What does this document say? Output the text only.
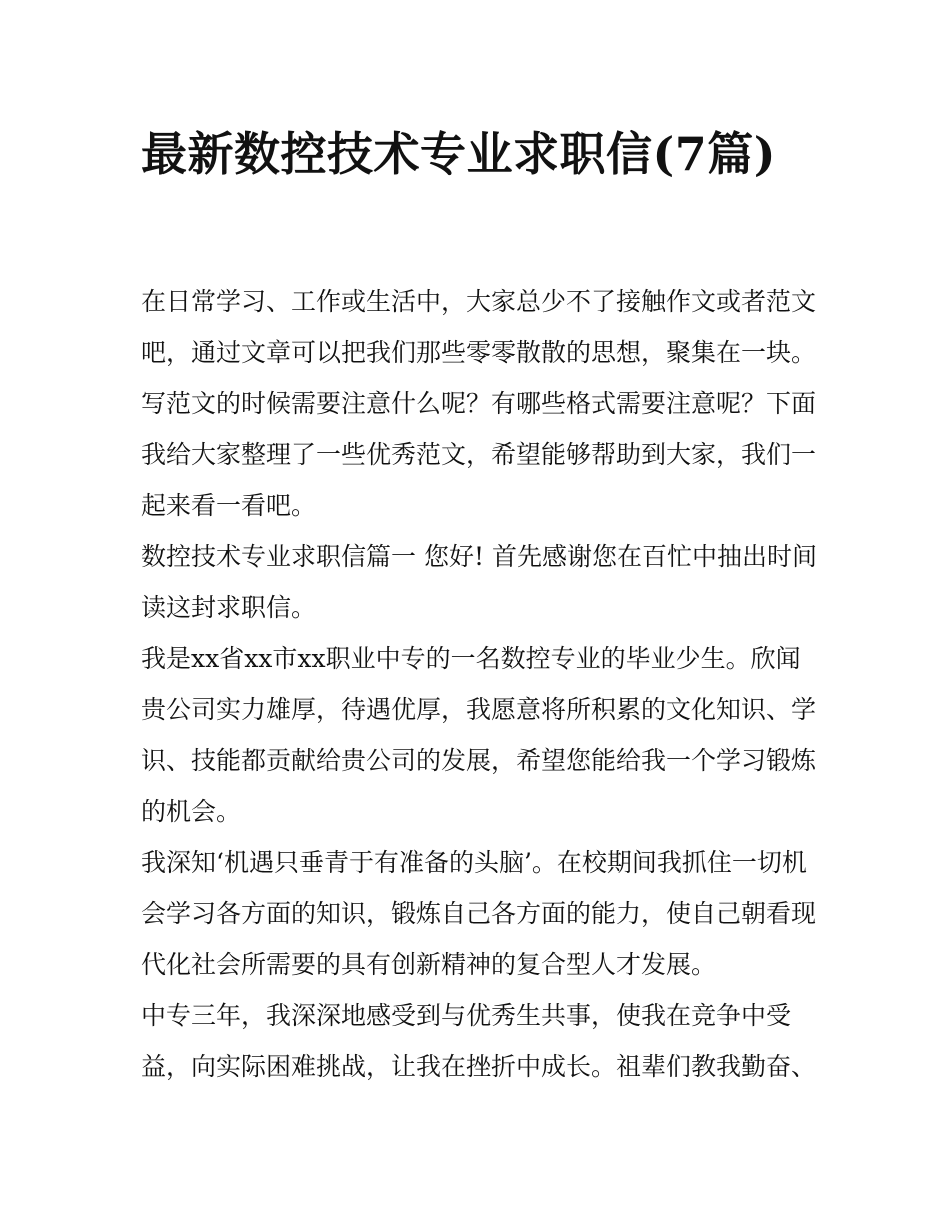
最新数控技术专业求职信(7篇)

在日常学习、工作或生活中，大家总少不了接触作文或者范文吧，通过文章可以把我们那些零零散散的思想，聚集在一块。写范文的时候需要注意什么呢？有哪些格式需要注意呢？下面我给大家整理了一些优秀范文，希望能够帮助到大家，我们一起来看一看吧。

数控技术专业求职信篇一 您好! 首先感谢您在百忙中抽出时间读这封求职信。

我是xx省xx市xx职业中专的一名数控专业的毕业少生。欣闻贵公司实力雄厚，待遇优厚，我愿意将所积累的文化知识、学识、技能都贡献给贵公司的发展，希望您能给我一个学习锻炼的机会。

我深知‘机遇只垂青于有准备的头脑’。在校期间我抓住一切机会学习各方面的知识，锻炼自己各方面的能力，使自己朝看现代化社会所需要的具有创新精神的复合型人才发展。

中专三年，我深深地感受到与优秀生共事，使我在竞争中受益，向实际困难挑战，让我在挫折中成长。祖辈们教我勤奋、
